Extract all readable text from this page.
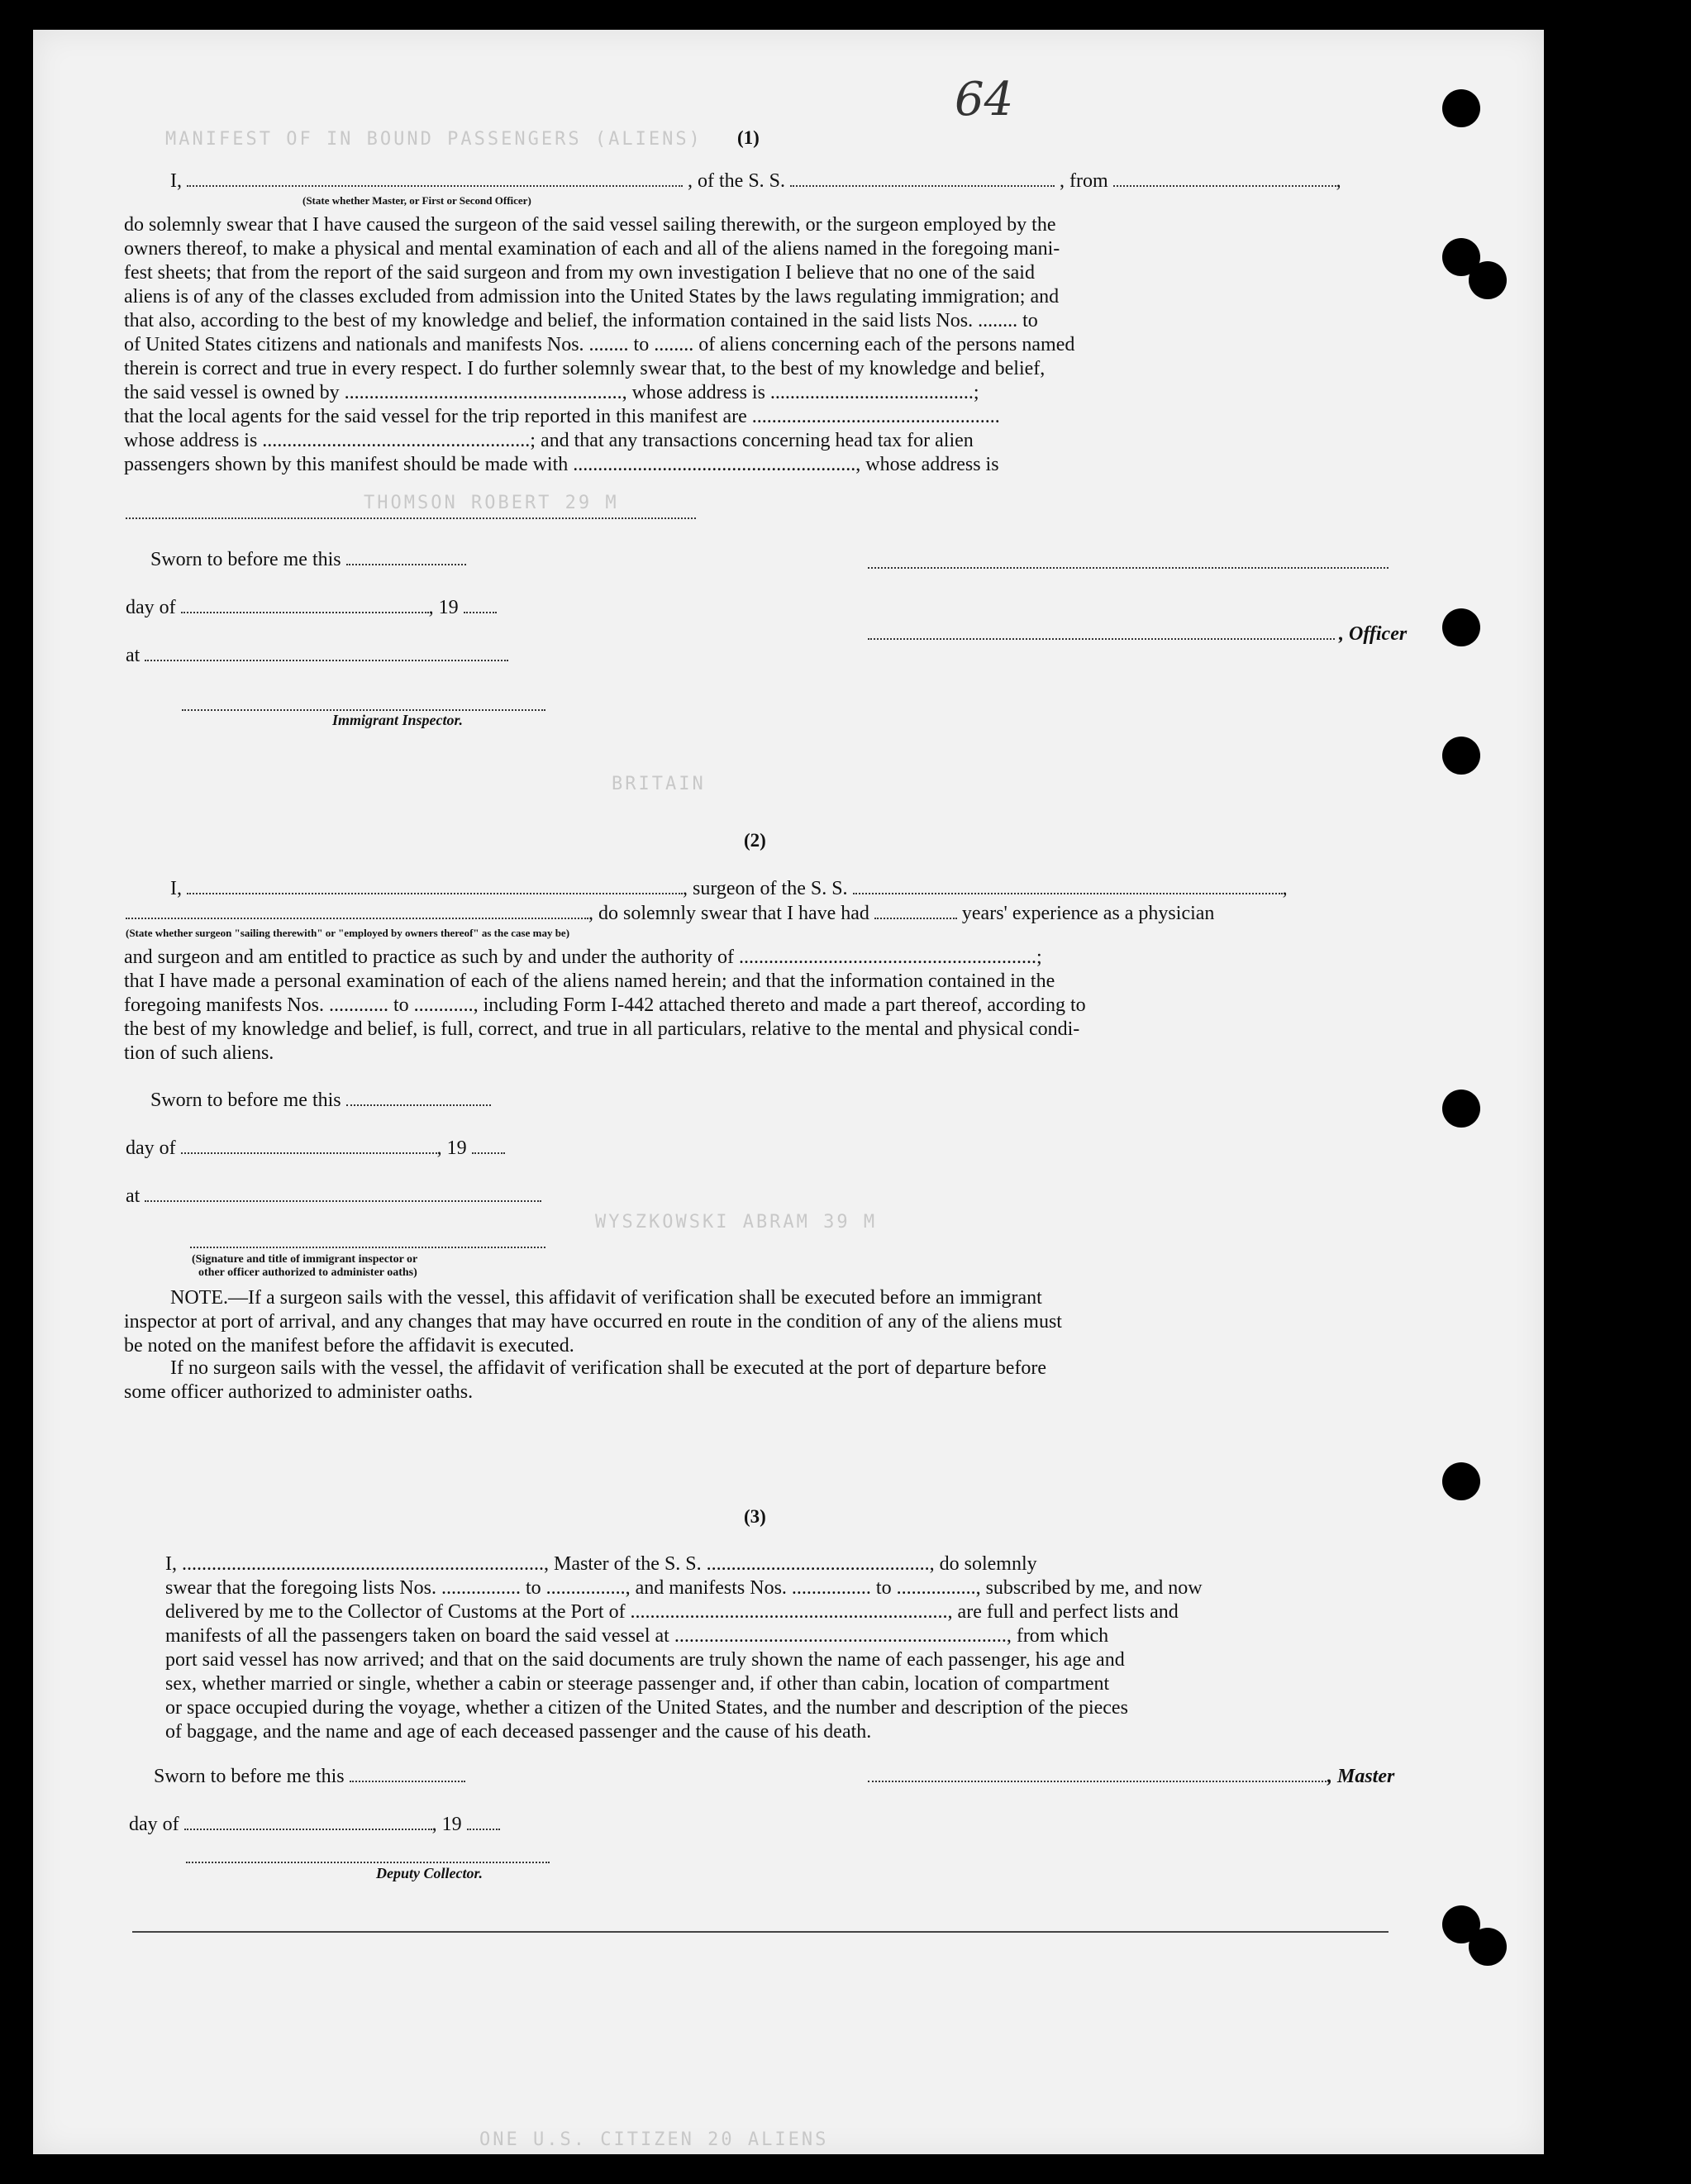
MANIFEST OF IN BOUND PASSENGERS (ALIENS)
THOMSON ROBERT 29 M
BRITAIN
WYSZKOWSKI ABRAM 39 M
ONE U.S. CITIZEN 20 ALIENS
64
(1)
I,	, of the S. S.	, from	,
(State whether Master, or First or Second Officer)
do solemnly swear that I have caused the surgeon of the said vessel sailing therewith, or the surgeon employed by the
owners thereof, to make a physical and mental examination of each and all of the aliens named in the foregoing mani-
fest sheets; that from the report of the said surgeon and from my own investigation I believe that no one of the said
aliens is of any of the classes excluded from admission into the United States by the laws regulating immigration; and
that also, according to the best of my knowledge and belief, the information contained in the said lists Nos. ........ to
of United States citizens and nationals and manifests Nos. ........ to ........ of aliens concerning each of the persons named
therein is correct and true in every respect. I do further solemnly swear that, to the best of my knowledge and belief,
the said vessel is owned by ........................................................, whose address is .........................................;
that the local agents for the said vessel for the trip reported in this manifest are ..................................................
whose address is ......................................................; and that any transactions concerning head tax for alien
passengers shown by this manifest should be made with ........................................................., whose address is
Sworn to before me this
day of	, 19
, Officer
at
Immigrant Inspector.
(2)
I,	, surgeon of the S. S.	,
, do solemnly swear that I have had	years' experience as a physician
(State whether surgeon "sailing therewith" or "employed by owners thereof" as the case may be)
and surgeon and am entitled to practice as such by and under the authority of ............................................................;
that I have made a personal examination of each of the aliens named herein; and that the information contained in the
foregoing manifests Nos. ............ to ............, including Form I-442 attached thereto and made a part thereof, according to
the best of my knowledge and belief, is full, correct, and true in all particulars, relative to the mental and physical condi-
tion of such aliens.
Sworn to before me this
day of	, 19
at
(Signature and title of immigrant inspector or
other officer authorized to administer oaths)
NOTE.—If a surgeon sails with the vessel, this affidavit of verification shall be executed before an immigrant
inspector at port of arrival, and any changes that may have occurred en route in the condition of any of the aliens must
be noted on the manifest before the affidavit is executed.
If no surgeon sails with the vessel, the affidavit of verification shall be executed at the port of departure before
some officer authorized to administer oaths.
(3)
I, ........................................................................., Master of the S. S. ............................................., do solemnly
swear that the foregoing lists Nos. ................ to ................, and manifests Nos. ................ to ................, subscribed by me, and now
delivered by me to the Collector of Customs at the Port of ................................................................, are full and perfect lists and
manifests of all the passengers taken on board the said vessel at ..................................................................., from which
port said vessel has now arrived; and that on the said documents are truly shown the name of each passenger, his age and
sex, whether married or single, whether a cabin or steerage passenger and, if other than cabin, location of compartment
or space occupied during the voyage, whether a citizen of the United States, and the number and description of the pieces
of baggage, and the name and age of each deceased passenger and the cause of his death.
Sworn to before me this	, Master
day of	, 19
Deputy Collector.
